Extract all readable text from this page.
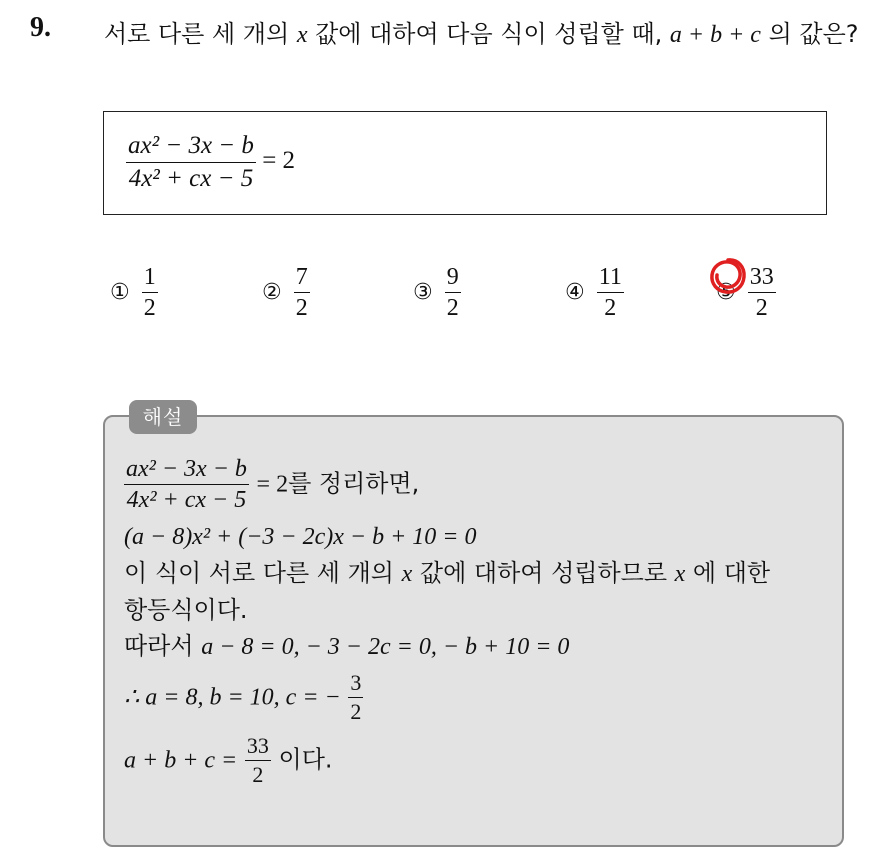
9. 서로 다른 세 개의 x 값에 대하여 다음 식이 성립할 때, a + b + c 의 값은?
$\frac{\text{ax² − 3x − b}}{\text{4x² + cx − 5}} = 2$
① $\frac{1}{2}$	② $\frac{7}{2}$	③ $\frac{9}{2}$	④ $\frac{11}{2}$	⑤ $\frac{33}{2}$
해설
$\frac{\text{ax² − 3x − b}}{\text{4x² + cx − 5}} = 2$를 정리하면,
(a − 8)x² + (−3 − 2c)x − b + 10 = 0
이 식이 서로 다른 세 개의 x 값에 대하여 성립하므로 x 에 대한
항등식이다.
따라서 a − 8 = 0, − 3 − 2c = 0, − b + 10 = 0
∴ a = 8, b = 10, c = − $\frac{3}{2}$
$a + b + c = \frac{33}{2}$ 이다.
